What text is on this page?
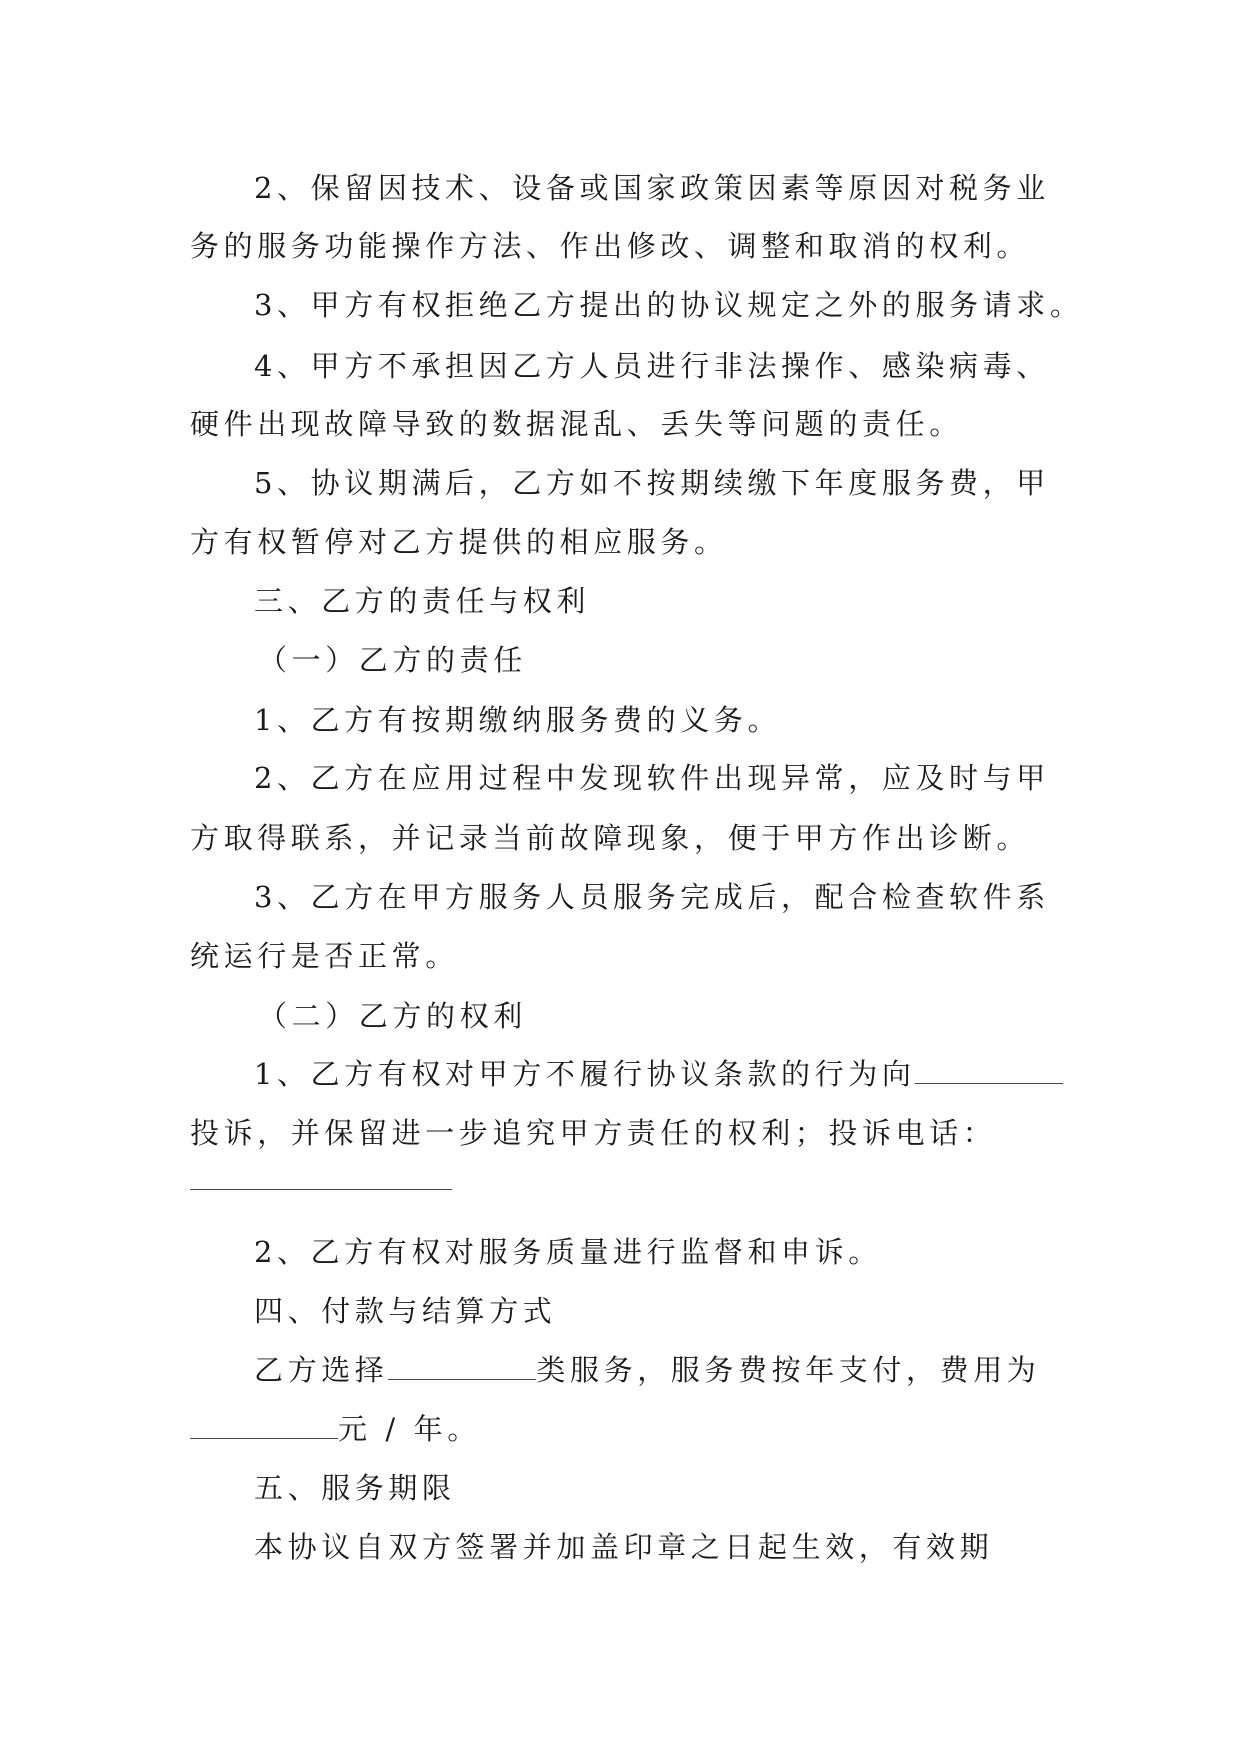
2、保留因技术、设备或国家政策因素等原因对税务业
务的服务功能操作方法、作出修改、调整和取消的权利。
3、甲方有权拒绝乙方提出的协议规定之外的服务请求。
4、甲方不承担因乙方人员进行非法操作、感染病毒、
硬件出现故障导致的数据混乱、丢失等问题的责任。
5、协议期满后，乙方如不按期续缴下年度服务费，甲
方有权暂停对乙方提供的相应服务。
三、乙方的责任与权利
（一）乙方的责任
1、乙方有按期缴纳服务费的义务。
2、乙方在应用过程中发现软件出现异常，应及时与甲
方取得联系，并记录当前故障现象，便于甲方作出诊断。
3、乙方在甲方服务人员服务完成后，配合检查软件系
统运行是否正常。
（二）乙方的权利
1、乙方有权对甲方不履行协议条款的行为向
投诉，并保留进一步追究甲方责任的权利；投诉电话：
2、乙方有权对服务质量进行监督和申诉。
四、付款与结算方式
乙方选择	类服务，服务费按年支付，费用为
元 / 年。
五、服务期限
本协议自双方签署并加盖印章之日起生效，有效期
